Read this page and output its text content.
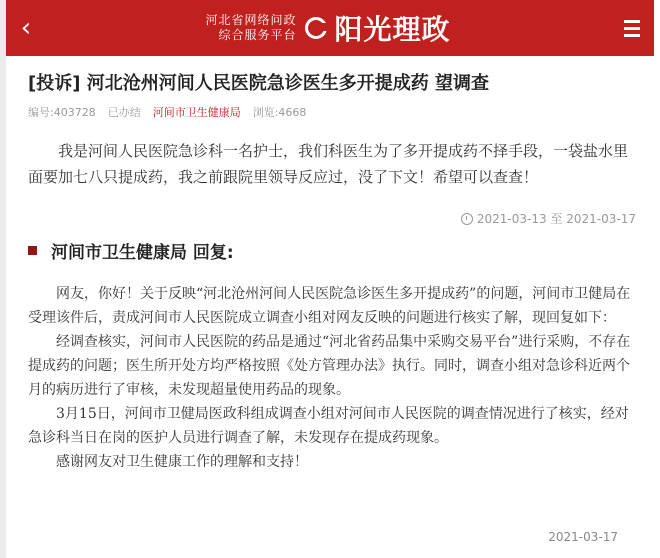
‹	河北省网络问政
综合服务平台 阳光理政
[投诉] 河北沧州河间人民医院急诊医生多开提成药 望调查
编号:403728 已办结 河间市卫生健康局 浏览:4668
我是河间人民医院急诊科一名护士，我们科医生为了多开提成药不择手段，一袋盐水里面要加七八只提成药，我之前跟院里领导反应过，没了下文！希望可以查查！
2021-03-13 至 2021-03-17
河间市卫生健康局 回复:

网友，你好！关于反映“河北沧州河间人民医院急诊医生多开提成药”的问题，河间市卫健局在受理该件后，责成河间市人民医院成立调查小组对网友反映的问题进行核实了解，现回复如下：

经调查核实，河间市人民医院的药品是通过“河北省药品集中采购交易平台”进行采购，不存在提成药的问题；医生所开处方均严格按照《处方管理办法》执行。同时，调查小组对急诊科近两个月的病历进行了审核，未发现超量使用药品的现象。

3月15日，河间市卫健局医政科组成调查小组对河间市人民医院的调查情况进行了核实，经对急诊科当日在岗的医护人员进行调查了解，未发现存在提成药现象。

感谢网友对卫生健康工作的理解和支持！

2021-03-17
